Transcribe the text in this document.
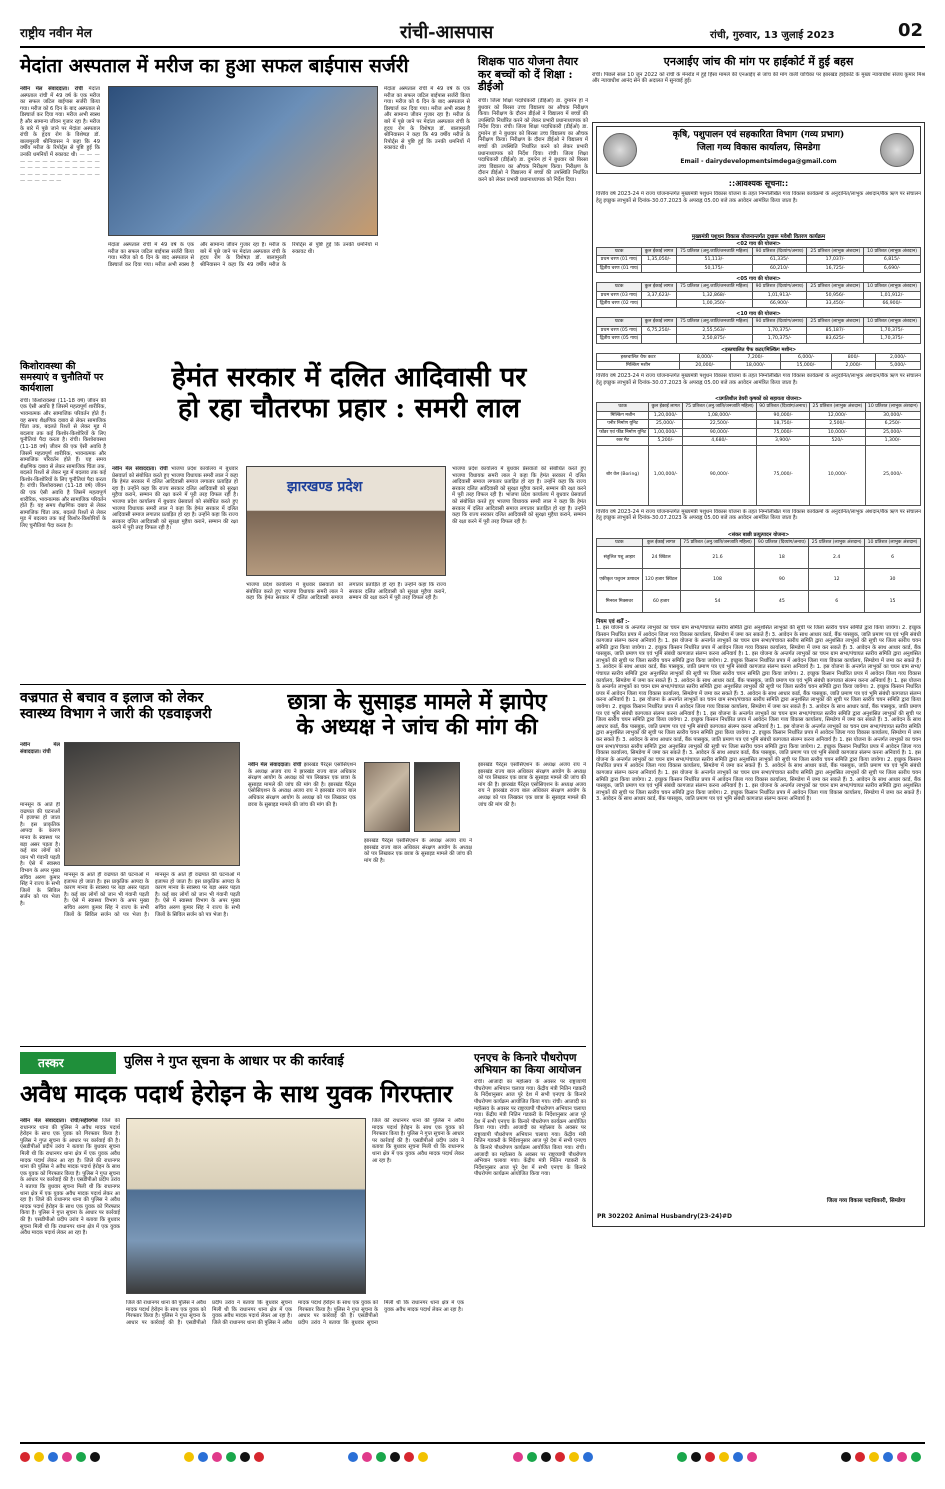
राष्ट्रीय नवीन मेल	रांची-आसपास	रांची, गुरुवार, 13 जुलाई 2023	02
मेदांता अस्पताल में मरीज का हुआ सफल बाईपास सर्जरी
नवीन मेल संवाददाता। रांची मेदांता अस्पताल रांची में 49 वर्ष के एक मरीज का सफल जटिल बाईपास सर्जरी किया गया। मरीज को 6 दिन के बाद अस्पताल से डिस्चार्ज कर दिया गया। मरीज अभी स्वस्थ है और सामान्य जीवन गुजार रहा है। मरीज के बारे में पूछे जाने पर मेदांता अस्पताल रांची के हृदय रोग के विशेषज्ञ डॉ. बालामुरली श्रीनिवासन ने कहा कि 49 वर्षीय मरीज के रिपोर्ट्स से पुष्टि हुई कि उनकी धमनियों में रुकावट थी। — — — — — — — — — — — — — — — — — — — — — — — — — — — — — — — — — — — — — — — — — —
मेदांता अस्पताल रांची में 49 वर्ष के एक मरीज का सफल जटिल बाईपास सर्जरी किया गया। मरीज को 6 दिन के बाद अस्पताल से डिस्चार्ज कर दिया गया। मरीज अभी स्वस्थ है और सामान्य जीवन गुजार रहा है। मरीज के बारे में पूछे जाने पर मेदांता अस्पताल रांची के हृदय रोग के विशेषज्ञ डॉ. बालामुरली श्रीनिवासन ने कहा कि 49 वर्षीय मरीज के रिपोर्ट्स से पुष्टि हुई कि उनकी धमनियों में रुकावट थी।
मेदांता अस्पताल रांची में 49 वर्ष के एक मरीज का सफल जटिल बाईपास सर्जरी किया गया। मरीज को 6 दिन के बाद अस्पताल से डिस्चार्ज कर दिया गया। मरीज अभी स्वस्थ है और सामान्य जीवन गुजार रहा है। मरीज के बारे में पूछे जाने पर मेदांता अस्पताल रांची के हृदय रोग के विशेषज्ञ डॉ. बालामुरली श्रीनिवासन ने कहा कि 49 वर्षीय मरीज के रिपोर्ट्स से पुष्टि हुई कि उनकी धमनियों में रुकावट थी।
शिक्षक पाठ योजना तैयार कर बच्चों को दें शिक्षा : डीईओ
रांची। जिला शिक्षा पदाधिकारी (डीईओ) डा. दुमारेन हां ने बुधवार को बिरसा उच्च विद्यालय का औचक निरीक्षण किया। निरीक्षण के दौरान डीईओ ने विद्यालय में बच्चों की उपस्थिति निर्धारित करने को लेकर प्रभारी प्रधानाध्यापक को निर्देश दिया। रांची। जिला शिक्षा पदाधिकारी (डीईओ) डा. दुमारेन हां ने बुधवार को बिरसा उच्च विद्यालय का औचक निरीक्षण किया। निरीक्षण के दौरान डीईओ ने विद्यालय में बच्चों की उपस्थिति निर्धारित करने को लेकर प्रभारी प्रधानाध्यापक को निर्देश दिया। रांची। जिला शिक्षा पदाधिकारी (डीईओ) डा. दुमारेन हां ने बुधवार को बिरसा उच्च विद्यालय का औचक निरीक्षण किया। निरीक्षण के दौरान डीईओ ने विद्यालय में बच्चों की उपस्थिति निर्धारित करने को लेकर प्रभारी प्रधानाध्यापक को निर्देश दिया।
एनआईए जांच की मांग पर हाईकोर्ट में हुई बहस
रांची। पिछले साल 10 जून 2022 को रांची के मेनरोड में हुई हिंसा मामले की एनआईए से जांच की मांग वाली याचिका पर झारखंड हाईकोर्ट के मुख्य न्यायाधीश संजय कुमार मिश्र और न्यायाधीश आनंद सेन की अदालत में सुनवाई हुई।
कृषि, पशुपालन एवं सहकारिता विभाग (गव्य प्रभाग)
जिला गव्य विकास कार्यालय, सिमडेगा
Email - dairydevelopmentsimdega@gmail.com
::आवश्यक सूचना::
वित्तीय वर्ष 2023-24 में राज्य योजनान्तर्गत मुख्यमंत्री पशुधन विकास योजना के तहत निम्नलिखित गव्य विकास कार्यक्रमों के अनुदानित/लाभुक अंशदान/बैंक ऋण पर संचालन हेतु इच्छुक लाभुकों से दिनांक-30.07.2023 के अपराह्न 05.00 बजे तक आवेदन आमंत्रित किया जाता है।
मुख्यमंत्री पशुधन विकास योजनान्तर्गत दुधारू मवेशी वितरण कार्यक्रम
<02 गाय की योजना>
घटक	कुल ईकाई लागत	75 प्रतिशत (अनु.जाति/जनजाति महिला)	90 प्रतिशत (दिव्यांग/अनाथ)	25 प्रतिशत (लाभुक अंशदान)	10 प्रतिशत (लाभुक अंशदान)
प्रथम चरण (01 गाय)	1,35,050/-	51,113/-	61,335/-	17,037/-	6,815/-
द्वितीय चरण (01 गाय)		50,175/-	60,210/-	16,725/-	6,690/-
<05 गाय की योजना>
घटक	कुल ईकाई लागत	75 प्रतिशत (अनु.जाति/जनजाति महिला)	90 प्रतिशत (दिव्यांग/अनाथ)	25 प्रतिशत (लाभुक अंशदान)	10 प्रतिशत (लाभुक अंशदान)
प्रथम चरण (03 गाय)	3,37,623/-	1,32,868/-	1,01,913/-	50,956/-	1,01,912/-
द्वितीय चरण (02 गाय)		1,00,350/-	66,900/-	33,450/-	66,900/-
<10 गाय की योजना>
घटक	कुल ईकाई लागत	75 प्रतिशत (अनु.जाति/जनजाति महिला)	90 प्रतिशत (दिव्यांग/अनाथ)	25 प्रतिशत (लाभुक अंशदान)	10 प्रतिशत (लाभुक अंशदान)
प्रथम चरण (05 गाय)	6,75,250/-	2,55,563/-	1,70,375/-	85,187/-	1,70,375/-
द्वितीय चरण (05 गाय)		2,50,875/-	1,70,375/-	83,625/-	1,70,375/-
<हस्तचालित चैफ कटर/मिल्किंग मशीन>
हस्तचालित चैफ कटर	8,000/-	7,200/-	6,000/-	800/-	2,000/-
मिल्किंग मशीन	20,000/-	18,000/-	15,000/-	2,000/-	5,000/-
वित्तीय वर्ष 2023-24 में राज्य योजनान्तर्गत मुख्यमंत्री पशुधन विकास योजना के तहत निम्नलिखित गव्य विकास कार्यक्रमों के अनुदानित/लाभुक अंशदान/बैंक ऋण पर संचालन हेतु इच्छुक लाभुकों से दिनांक-30.07.2023 के अपराह्न 05.00 बजे तक आवेदन आमंत्रित किया जाता है।
<प्रगतिशील डेयरी कृषकों को सहायता योजना>
घटक	कुल ईकाई लागत	75 प्रतिशत (अनु.जाति/जनजाति महिला)	90 प्रतिशत (दिव्यांग/अनाथ)	25 प्रतिशत (लाभुक अंशदान)	10 प्रतिशत (लाभुक अंशदान)
मिल्किंग मशीन	1,20,000/-	1,08,000/-	90,000/-	12,000/-	30,000/-
पनीर निर्माण यूनिट	25,000/-	22,500/-	18,750/-	2,500/-	6,250/-
फॉडर एवं फीड निर्माण यूनिट	1,00,000/-	90,000/-	75,000/-	10,000/-	25,000/-
रबर मैट	5,200/-	4,680/-	3,900/-	520/-	1,300/-
बोर वेल (Boring)	1,00,000/-	90,000/-	75,000/-	10,000/-	25,000/-
वित्तीय वर्ष 2023-24 में राज्य योजनान्तर्गत मुख्यमंत्री पशुधन विकास योजना के तहत निम्नलिखित गव्य विकास कार्यक्रमों के अनुदानित/लाभुक अंशदान/बैंक ऋण पर संचालन हेतु इच्छुक लाभुकों से दिनांक-30.07.2023 के अपराह्न 05.00 बजे तक आवेदन आमंत्रित किया जाता है।
<संकर बाछी प्रत्युत्पादन योजना>
घटक	कुल ईकाई लागत	75 प्रतिशत (अनु.जाति/जनजाति महिला)	90 प्रतिशत (दिव्यांग/अनाथ)	25 प्रतिशत (लाभुक अंशदान)	10 प्रतिशत (लाभुक अंशदान)
संतुलित पशु आहार	24 क्विंटल	21.6	18	2.4	6
एकीकृत पशुधन उत्पादन	120 हजार क्विंटल	108	90	12	30
मिनरल मिक्सचर	60 हजार	54	45	6	15
नियम एवं शर्तें :-
1. इस योजना के अन्तर्गत लाभुकों का चयन ग्राम सभा/पंचायत स्तरीय समिति द्वारा अनुशंसित लाभुकों की सूची पर जिला स्तरीय चयन समिति द्वारा किया जायेगा। 2. इच्छुक किसान निर्धारित प्रपत्र में आवेदन जिला गव्य विकास कार्यालय, सिमडेगा में जमा कर सकते हैं। 3. आवेदन के साथ आधार कार्ड, बैंक पासबुक, जाति प्रमाण पत्र एवं भूमि संबंधी कागजात संलग्न करना अनिवार्य है। 1. इस योजना के अन्तर्गत लाभुकों का चयन ग्राम सभा/पंचायत स्तरीय समिति द्वारा अनुशंसित लाभुकों की सूची पर जिला स्तरीय चयन समिति द्वारा किया जायेगा। 2. इच्छुक किसान निर्धारित प्रपत्र में आवेदन जिला गव्य विकास कार्यालय, सिमडेगा में जमा कर सकते हैं। 3. आवेदन के साथ आधार कार्ड, बैंक पासबुक, जाति प्रमाण पत्र एवं भूमि संबंधी कागजात संलग्न करना अनिवार्य है। 1. इस योजना के अन्तर्गत लाभुकों का चयन ग्राम सभा/पंचायत स्तरीय समिति द्वारा अनुशंसित लाभुकों की सूची पर जिला स्तरीय चयन समिति द्वारा किया जायेगा। 2. इच्छुक किसान निर्धारित प्रपत्र में आवेदन जिला गव्य विकास कार्यालय, सिमडेगा में जमा कर सकते हैं। 3. आवेदन के साथ आधार कार्ड, बैंक पासबुक, जाति प्रमाण पत्र एवं भूमि संबंधी कागजात संलग्न करना अनिवार्य है। 1. इस योजना के अन्तर्गत लाभुकों का चयन ग्राम सभा/पंचायत स्तरीय समिति द्वारा अनुशंसित लाभुकों की सूची पर जिला स्तरीय चयन समिति द्वारा किया जायेगा। 2. इच्छुक किसान निर्धारित प्रपत्र में आवेदन जिला गव्य विकास कार्यालय, सिमडेगा में जमा कर सकते हैं। 3. आवेदन के साथ आधार कार्ड, बैंक पासबुक, जाति प्रमाण पत्र एवं भूमि संबंधी कागजात संलग्न करना अनिवार्य है। 1. इस योजना के अन्तर्गत लाभुकों का चयन ग्राम सभा/पंचायत स्तरीय समिति द्वारा अनुशंसित लाभुकों की सूची पर जिला स्तरीय चयन समिति द्वारा किया जायेगा। 2. इच्छुक किसान निर्धारित प्रपत्र में आवेदन जिला गव्य विकास कार्यालय, सिमडेगा में जमा कर सकते हैं। 3. आवेदन के साथ आधार कार्ड, बैंक पासबुक, जाति प्रमाण पत्र एवं भूमि संबंधी कागजात संलग्न करना अनिवार्य है। 1. इस योजना के अन्तर्गत लाभुकों का चयन ग्राम सभा/पंचायत स्तरीय समिति द्वारा अनुशंसित लाभुकों की सूची पर जिला स्तरीय चयन समिति द्वारा किया जायेगा। 2. इच्छुक किसान निर्धारित प्रपत्र में आवेदन जिला गव्य विकास कार्यालय, सिमडेगा में जमा कर सकते हैं। 3. आवेदन के साथ आधार कार्ड, बैंक पासबुक, जाति प्रमाण पत्र एवं भूमि संबंधी कागजात संलग्न करना अनिवार्य है। 1. इस योजना के अन्तर्गत लाभुकों का चयन ग्राम सभा/पंचायत स्तरीय समिति द्वारा अनुशंसित लाभुकों की सूची पर जिला स्तरीय चयन समिति द्वारा किया जायेगा। 2. इच्छुक किसान निर्धारित प्रपत्र में आवेदन जिला गव्य विकास कार्यालय, सिमडेगा में जमा कर सकते हैं। 3. आवेदन के साथ आधार कार्ड, बैंक पासबुक, जाति प्रमाण पत्र एवं भूमि संबंधी कागजात संलग्न करना अनिवार्य है। 1. इस योजना के अन्तर्गत लाभुकों का चयन ग्राम सभा/पंचायत स्तरीय समिति द्वारा अनुशंसित लाभुकों की सूची पर जिला स्तरीय चयन समिति द्वारा किया जायेगा। 2. इच्छुक किसान निर्धारित प्रपत्र में आवेदन जिला गव्य विकास कार्यालय, सिमडेगा में जमा कर सकते हैं। 3. आवेदन के साथ आधार कार्ड, बैंक पासबुक, जाति प्रमाण पत्र एवं भूमि संबंधी कागजात संलग्न करना अनिवार्य है। 1. इस योजना के अन्तर्गत लाभुकों का चयन ग्राम सभा/पंचायत स्तरीय समिति द्वारा अनुशंसित लाभुकों की सूची पर जिला स्तरीय चयन समिति द्वारा किया जायेगा। 2. इच्छुक किसान निर्धारित प्रपत्र में आवेदन जिला गव्य विकास कार्यालय, सिमडेगा में जमा कर सकते हैं। 3. आवेदन के साथ आधार कार्ड, बैंक पासबुक, जाति प्रमाण पत्र एवं भूमि संबंधी कागजात संलग्न करना अनिवार्य है। 1. इस योजना के अन्तर्गत लाभुकों का चयन ग्राम सभा/पंचायत स्तरीय समिति द्वारा अनुशंसित लाभुकों की सूची पर जिला स्तरीय चयन समिति द्वारा किया जायेगा। 2. इच्छुक किसान निर्धारित प्रपत्र में आवेदन जिला गव्य विकास कार्यालय, सिमडेगा में जमा कर सकते हैं। 3. आवेदन के साथ आधार कार्ड, बैंक पासबुक, जाति प्रमाण पत्र एवं भूमि संबंधी कागजात संलग्न करना अनिवार्य है। 1. इस योजना के अन्तर्गत लाभुकों का चयन ग्राम सभा/पंचायत स्तरीय समिति द्वारा अनुशंसित लाभुकों की सूची पर जिला स्तरीय चयन समिति द्वारा किया जायेगा। 2. इच्छुक किसान निर्धारित प्रपत्र में आवेदन जिला गव्य विकास कार्यालय, सिमडेगा में जमा कर सकते हैं। 3. आवेदन के साथ आधार कार्ड, बैंक पासबुक, जाति प्रमाण पत्र एवं भूमि संबंधी कागजात संलग्न करना अनिवार्य है। 1. इस योजना के अन्तर्गत लाभुकों का चयन ग्राम सभा/पंचायत स्तरीय समिति द्वारा अनुशंसित लाभुकों की सूची पर जिला स्तरीय चयन समिति द्वारा किया जायेगा। 2. इच्छुक किसान निर्धारित प्रपत्र में आवेदन जिला गव्य विकास कार्यालय, सिमडेगा में जमा कर सकते हैं। 3. आवेदन के साथ आधार कार्ड, बैंक पासबुक, जाति प्रमाण पत्र एवं भूमि संबंधी कागजात संलग्न करना अनिवार्य है।
जिला गव्य विकास पदाधिकारी, सिमडेगा
PR 302202 Animal Husbandry(23-24)#D
किशोरावस्था की समस्याएं व चुनौतियों पर कार्यशाला
रांची। किशोरावस्था (11-18 वर्ष) जीवन की एक ऐसी अवधि है जिसमें महत्वपूर्ण शारीरिक, भावनात्मक और सामाजिक परिवर्तन होते हैं। यह समय शैक्षणिक दबाव से लेकर सामाजिक चिंता तक, बदलते रिश्तों से लेकर मूड में बदलाव तक कई किशोर-किशोरियों के लिए चुनौतियां पैदा करता है। रांची। किशोरावस्था (11-18 वर्ष) जीवन की एक ऐसी अवधि है जिसमें महत्वपूर्ण शारीरिक, भावनात्मक और सामाजिक परिवर्तन होते हैं। यह समय शैक्षणिक दबाव से लेकर सामाजिक चिंता तक, बदलते रिश्तों से लेकर मूड में बदलाव तक कई किशोर-किशोरियों के लिए चुनौतियां पैदा करता है। रांची। किशोरावस्था (11-18 वर्ष) जीवन की एक ऐसी अवधि है जिसमें महत्वपूर्ण शारीरिक, भावनात्मक और सामाजिक परिवर्तन होते हैं। यह समय शैक्षणिक दबाव से लेकर सामाजिक चिंता तक, बदलते रिश्तों से लेकर मूड में बदलाव तक कई किशोर-किशोरियों के लिए चुनौतियां पैदा करता है।
हेमंत सरकार में दलित आदिवासी पर
हो रहा चौतरफा प्रहार : समरी लाल
नवीन मेल संवाददाता। रांची भाजपा प्रदेश कार्यालय में बुधवार प्रेसवार्ता को संबोधित करते हुए भाजपा विधायक समरी लाल ने कहा कि हेमंत सरकार में दलित आदिवासी समाज लगातार प्रताड़ित हो रहा है। उन्होंने कहा कि राज्य सरकार दलित आदिवासी को सुरक्षा मुहैया कराने, सम्मान की रक्षा करने में पूरी तरह विफल रही है। भाजपा प्रदेश कार्यालय में बुधवार प्रेसवार्ता को संबोधित करते हुए भाजपा विधायक समरी लाल ने कहा कि हेमंत सरकार में दलित आदिवासी समाज लगातार प्रताड़ित हो रहा है। उन्होंने कहा कि राज्य सरकार दलित आदिवासी को सुरक्षा मुहैया कराने, सम्मान की रक्षा करने में पूरी तरह विफल रही है।
झारखण्ड प्रदेश
भाजपा प्रदेश कार्यालय में बुधवार प्रेसवार्ता को संबोधित करते हुए भाजपा विधायक समरी लाल ने कहा कि हेमंत सरकार में दलित आदिवासी समाज लगातार प्रताड़ित हो रहा है। उन्होंने कहा कि राज्य सरकार दलित आदिवासी को सुरक्षा मुहैया कराने, सम्मान की रक्षा करने में पूरी तरह विफल रही है।
भाजपा प्रदेश कार्यालय में बुधवार प्रेसवार्ता को संबोधित करते हुए भाजपा विधायक समरी लाल ने कहा कि हेमंत सरकार में दलित आदिवासी समाज लगातार प्रताड़ित हो रहा है। उन्होंने कहा कि राज्य सरकार दलित आदिवासी को सुरक्षा मुहैया कराने, सम्मान की रक्षा करने में पूरी तरह विफल रही है। भाजपा प्रदेश कार्यालय में बुधवार प्रेसवार्ता को संबोधित करते हुए भाजपा विधायक समरी लाल ने कहा कि हेमंत सरकार में दलित आदिवासी समाज लगातार प्रताड़ित हो रहा है। उन्होंने कहा कि राज्य सरकार दलित आदिवासी को सुरक्षा मुहैया कराने, सम्मान की रक्षा करने में पूरी तरह विफल रही है।
वज्रपात से बचाव व इलाज को लेकर स्वास्थ्य विभाग ने जारी की एडवाइजरी
नवीन मेल संवाददाता। रांची
मानसून के आते ही वज्रपात की घटनाओं में इजाफा हो जाता है। इस प्राकृतिक आपदा के कारण मानव के स्वास्थ्य पर बड़ा असर पड़ता है। कई बार लोगों को जान भी गंवानी पड़ती है। ऐसे में स्वास्थ्य विभाग के अपर मुख्य सचिव अरुण कुमार सिंह ने राज्य के सभी जिलों के सिविल सर्जन को पत्र भेजा है।
मानसून के आते ही वज्रपात की घटनाओं में इजाफा हो जाता है। इस प्राकृतिक आपदा के कारण मानव के स्वास्थ्य पर बड़ा असर पड़ता है। कई बार लोगों को जान भी गंवानी पड़ती है। ऐसे में स्वास्थ्य विभाग के अपर मुख्य सचिव अरुण कुमार सिंह ने राज्य के सभी जिलों के सिविल सर्जन को पत्र भेजा है। मानसून के आते ही वज्रपात की घटनाओं में इजाफा हो जाता है। इस प्राकृतिक आपदा के कारण मानव के स्वास्थ्य पर बड़ा असर पड़ता है। कई बार लोगों को जान भी गंवानी पड़ती है। ऐसे में स्वास्थ्य विभाग के अपर मुख्य सचिव अरुण कुमार सिंह ने राज्य के सभी जिलों के सिविल सर्जन को पत्र भेजा है।
छात्रा के सुसाइड मामले में झापेए
के अध्यक्ष ने जांच की मांग की
नवीन मेल संवाददाता। रांची झारखंड पैरेंट्स एसोसिएशन के अध्यक्ष अजय राय ने झारखंड राज्य बाल अधिकार संरक्षण आयोग के अध्यक्ष को पत्र लिखकर एक छात्रा के सुसाइड मामले की जांच की मांग की है। झारखंड पैरेंट्स एसोसिएशन के अध्यक्ष अजय राय ने झारखंड राज्य बाल अधिकार संरक्षण आयोग के अध्यक्ष को पत्र लिखकर एक छात्रा के सुसाइड मामले की जांच की मांग की है।
झारखंड पैरेंट्स एसोसिएशन के अध्यक्ष अजय राय ने झारखंड राज्य बाल अधिकार संरक्षण आयोग के अध्यक्ष को पत्र लिखकर एक छात्रा के सुसाइड मामले की जांच की मांग की है।
झारखंड पैरेंट्स एसोसिएशन के अध्यक्ष अजय राय ने झारखंड राज्य बाल अधिकार संरक्षण आयोग के अध्यक्ष को पत्र लिखकर एक छात्रा के सुसाइड मामले की जांच की मांग की है। झारखंड पैरेंट्स एसोसिएशन के अध्यक्ष अजय राय ने झारखंड राज्य बाल अधिकार संरक्षण आयोग के अध्यक्ष को पत्र लिखकर एक छात्रा के सुसाइड मामले की जांच की मांग की है।
तस्कर	पुलिस ने गुप्त सूचना के आधार पर की कार्रवाई
अवैध मादक पदार्थ हेरोइन के साथ युवक गिरफ्तार
नवीन मेल संवाददाता। रांची/सहीवर्गज जिले की राधानगर थाना की पुलिस ने अवैध मादक पदार्थ हेरोइन के साथ एक युवक को गिरफ्तार किया है। पुलिस ने गुप्त सूचना के आधार पर कार्रवाई की है। एसडीपीओ प्रदीप उरांव ने बताया कि बुधवार सूचना मिली थी कि राधानगर थाना क्षेत्र में एक युवक अवैध मादक पदार्थ लेकर आ रहा है। जिले की राधानगर थाना की पुलिस ने अवैध मादक पदार्थ हेरोइन के साथ एक युवक को गिरफ्तार किया है। पुलिस ने गुप्त सूचना के आधार पर कार्रवाई की है। एसडीपीओ प्रदीप उरांव ने बताया कि बुधवार सूचना मिली थी कि राधानगर थाना क्षेत्र में एक युवक अवैध मादक पदार्थ लेकर आ रहा है। जिले की राधानगर थाना की पुलिस ने अवैध मादक पदार्थ हेरोइन के साथ एक युवक को गिरफ्तार किया है। पुलिस ने गुप्त सूचना के आधार पर कार्रवाई की है। एसडीपीओ प्रदीप उरांव ने बताया कि बुधवार सूचना मिली थी कि राधानगर थाना क्षेत्र में एक युवक अवैध मादक पदार्थ लेकर आ रहा है।
जिले की राधानगर थाना की पुलिस ने अवैध मादक पदार्थ हेरोइन के साथ एक युवक को गिरफ्तार किया है। पुलिस ने गुप्त सूचना के आधार पर कार्रवाई की है। एसडीपीओ प्रदीप उरांव ने बताया कि बुधवार सूचना मिली थी कि राधानगर थाना क्षेत्र में एक युवक अवैध मादक पदार्थ लेकर आ रहा है। जिले की राधानगर थाना की पुलिस ने अवैध मादक पदार्थ हेरोइन के साथ एक युवक को गिरफ्तार किया है। पुलिस ने गुप्त सूचना के आधार पर कार्रवाई की है। एसडीपीओ प्रदीप उरांव ने बताया कि बुधवार सूचना मिली थी कि राधानगर थाना क्षेत्र में एक युवक अवैध मादक पदार्थ लेकर आ रहा है।
जिले की राधानगर थाना की पुलिस ने अवैध मादक पदार्थ हेरोइन के साथ एक युवक को गिरफ्तार किया है। पुलिस ने गुप्त सूचना के आधार पर कार्रवाई की है। एसडीपीओ प्रदीप उरांव ने बताया कि बुधवार सूचना मिली थी कि राधानगर थाना क्षेत्र में एक युवक अवैध मादक पदार्थ लेकर आ रहा है।
एनएच के किनारे पौधरोपण अभियान का किया आयोजन
रांची। आजादी का महोत्सव के अवसर पर राष्ट्रव्यापी पौधरोपण अभियान चलाया गया। केंद्रीय मंत्री नितिन गडकरी के निर्देशानुसार आज पूरे देश में सभी एनएच के किनारे पौधरोपण कार्यक्रम आयोजित किया गया। रांची। आजादी का महोत्सव के अवसर पर राष्ट्रव्यापी पौधरोपण अभियान चलाया गया। केंद्रीय मंत्री नितिन गडकरी के निर्देशानुसार आज पूरे देश में सभी एनएच के किनारे पौधरोपण कार्यक्रम आयोजित किया गया। रांची। आजादी का महोत्सव के अवसर पर राष्ट्रव्यापी पौधरोपण अभियान चलाया गया। केंद्रीय मंत्री नितिन गडकरी के निर्देशानुसार आज पूरे देश में सभी एनएच के किनारे पौधरोपण कार्यक्रम आयोजित किया गया। रांची। आजादी का महोत्सव के अवसर पर राष्ट्रव्यापी पौधरोपण अभियान चलाया गया। केंद्रीय मंत्री नितिन गडकरी के निर्देशानुसार आज पूरे देश में सभी एनएच के किनारे पौधरोपण कार्यक्रम आयोजित किया गया।
